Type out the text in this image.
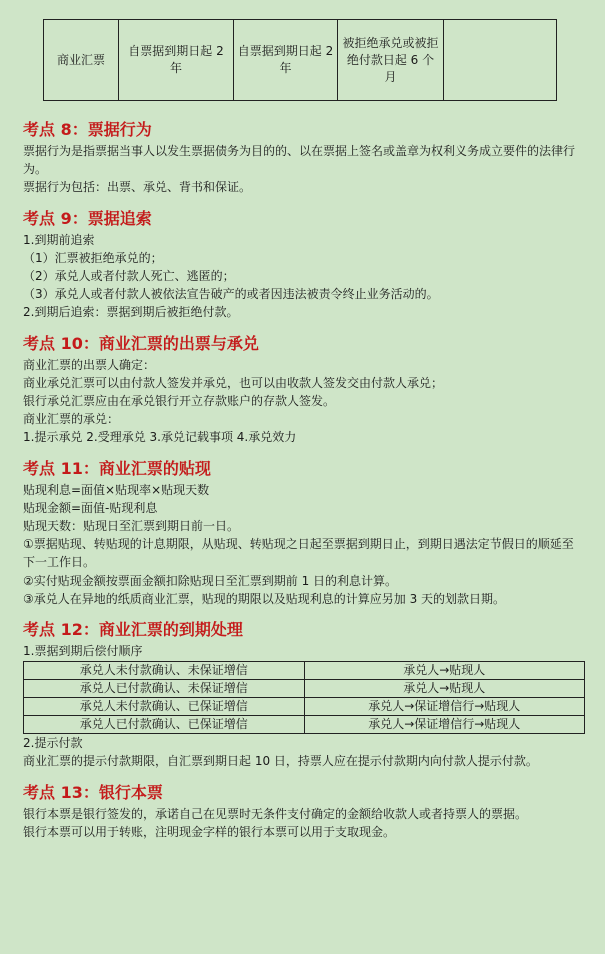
商业汇票	自票据到期日起 2 年	自票据到期日起 2 年	被拒绝承兑或被拒绝付款日起 6 个月	
考点 8：票据行为

票据行为是指票据当事人以发生票据债务为目的的、以在票据上签名或盖章为权利义务成立要件的法律行为。

票据行为包括：出票、承兑、背书和保证。

考点 9：票据追索

1.到期前追索

（1）汇票被拒绝承兑的；

（2）承兑人或者付款人死亡、逃匿的；

（3）承兑人或者付款人被依法宣告破产的或者因违法被责令终止业务活动的。

2.到期后追索：票据到期后被拒绝付款。

考点 10：商业汇票的出票与承兑

商业汇票的出票人确定：

商业承兑汇票可以由付款人签发并承兑，也可以由收款人签发交由付款人承兑；

银行承兑汇票应由在承兑银行开立存款账户的存款人签发。

商业汇票的承兑：

1.提示承兑 2.受理承兑 3.承兑记载事项 4.承兑效力

考点 11：商业汇票的贴现

贴现利息=面值×贴现率×贴现天数

贴现金额=面值-贴现利息

贴现天数：贴现日至汇票到期日前一日。

①票据贴现、转贴现的计息期限，从贴现、转贴现之日起至票据到期日止，到期日遇法定节假日的顺延至下一工作日。

②实付贴现金额按票面金额扣除贴现日至汇票到期前 1 日的利息计算。

③承兑人在异地的纸质商业汇票，贴现的期限以及贴现利息的计算应另加 3 天的划款日期。

考点 12：商业汇票的到期处理

1.票据到期后偿付顺序

承兑人未付款确认、未保证增信	承兑人→贴现人
承兑人已付款确认、未保证增信	承兑人→贴现人
承兑人未付款确认、已保证增信	承兑人→保证增信行→贴现人
承兑人已付款确认、已保证增信	承兑人→保证增信行→贴现人

2.提示付款

商业汇票的提示付款期限，自汇票到期日起 10 日，持票人应在提示付款期内向付款人提示付款。

考点 13：银行本票

银行本票是银行签发的，承诺自己在见票时无条件支付确定的金额给收款人或者持票人的票据。

银行本票可以用于转账，注明现金字样的银行本票可以用于支取现金。
